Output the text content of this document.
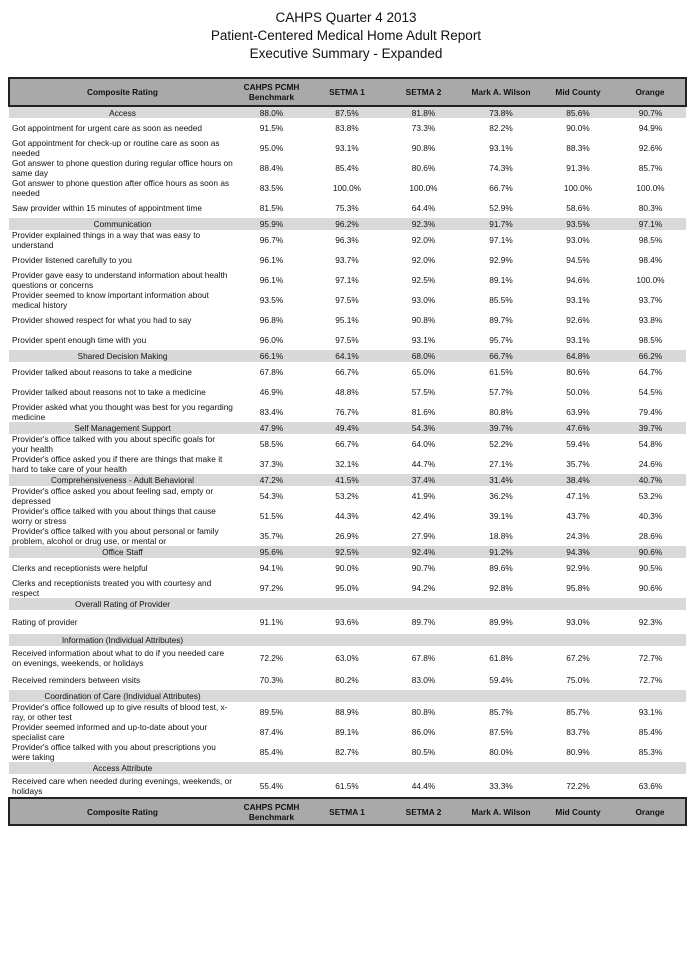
CAHPS Quarter 4 2013
Patient-Centered Medical Home Adult Report
Executive Summary - Expanded
Composite Rating	CAHPS PCMH Benchmark	SETMA 1	SETMA 2	Mark A. Wilson	Mid County	Orange
Access	88.0%	87.5%	81.8%	73.8%	85.6%	90.7%
Got appointment for urgent care as soon as needed	91.5%	83.8%	73.3%	82.2%	90.0%	94.9%
Got appointment for check-up or routine care as soon as needed	95.0%	93.1%	90.8%	93.1%	88.3%	92.6%
Got answer to phone question during regular office hours on same day	88.4%	85.4%	80.6%	74.3%	91.3%	85.7%
Got answer to phone question after office hours as soon as needed	83.5%	100.0%	100.0%	66.7%	100.0%	100.0%
Saw provider within 15 minutes of appointment time	81.5%	75.3%	64.4%	52.9%	58.6%	80.3%
Communication	95.9%	96.2%	92.3%	91.7%	93.5%	97.1%
Provider explained things in a way that was easy to understand	96.7%	96.3%	92.0%	97.1%	93.0%	98.5%
Provider listened carefully to you	96.1%	93.7%	92.0%	92.9%	94.5%	98.4%
Provider gave easy to understand information about health questions or concerns	96.1%	97.1%	92.5%	89.1%	94.6%	100.0%
Provider seemed to know important information about medical history	93.5%	97.5%	93.0%	85.5%	93.1%	93.7%
Provider showed respect for what you had to say	96.8%	95.1%	90.8%	89.7%	92.6%	93.8%
Provider spent enough time with you	96.0%	97.5%	93.1%	95.7%	93.1%	98.5%
Shared Decision Making	66.1%	64.1%	68.0%	66.7%	64.8%	66.2%
Provider talked about reasons to take a medicine	67.8%	66.7%	65.0%	61.5%	80.6%	64.7%
Provider talked about reasons not to take a medicine	46.9%	48.8%	57.5%	57.7%	50.0%	54.5%
Provider asked what you thought was best for you regarding medicine	83.4%	76.7%	81.6%	80.8%	63.9%	79.4%
Self Management Support	47.9%	49.4%	54.3%	39.7%	47.6%	39.7%
Provider's office talked with you about specific goals for your health	58.5%	66.7%	64.0%	52.2%	59.4%	54.8%
Provider's office asked you if there are things that make it hard to take care of your health	37.3%	32.1%	44.7%	27.1%	35.7%	24.6%
Comprehensiveness - Adult Behavioral	47.2%	41.5%	37.4%	31.4%	38.4%	40.7%
Provider's office asked you about feeling sad, empty or depressed	54.3%	53.2%	41.9%	36.2%	47.1%	53.2%
Provider's office talked with you about things that cause worry or stress	51.5%	44.3%	42.4%	39.1%	43.7%	40.3%
Provider's office talked with you about personal or family problem, alcohol or drug use, or mental or	35.7%	26.9%	27.9%	18.8%	24.3%	28.6%
Office Staff	95.6%	92.5%	92.4%	91.2%	94.3%	90.6%
Clerks and receptionists were helpful	94.1%	90.0%	90.7%	89.6%	92.9%	90.5%
Clerks and receptionists treated you with courtesy and respect	97.2%	95.0%	94.2%	92.8%	95.8%	90.6%
Overall Rating of Provider						
Rating of provider	91.1%	93.6%	89.7%	89.9%	93.0%	92.3%
Information (Individual Attributes)						
Received information about what to do if you needed care on evenings, weekends, or holidays	72.2%	63.0%	67.8%	61.8%	67.2%	72.7%
Received reminders between visits	70.3%	80.2%	83.0%	59.4%	75.0%	72.7%
Coordination of Care (Individual Attributes)						
Provider's office followed up to give results of blood test, x-ray, or other test	89.5%	88.9%	80.8%	85.7%	85.7%	93.1%
Provider seemed informed and up-to-date about your specialist care	87.4%	89.1%	86.0%	87.5%	83.7%	85.4%
Provider's office talked with you about prescriptions you were taking	85.4%	82.7%	80.5%	80.0%	80.9%	85.3%
Access Attribute						
Received care when needed during evenings, weekends, or holidays	55.4%	61.5%	44.4%	33.3%	72.2%	63.6%
Composite Rating	CAHPS PCMH Benchmark	SETMA 1	SETMA 2	Mark A. Wilson	Mid County	Orange
